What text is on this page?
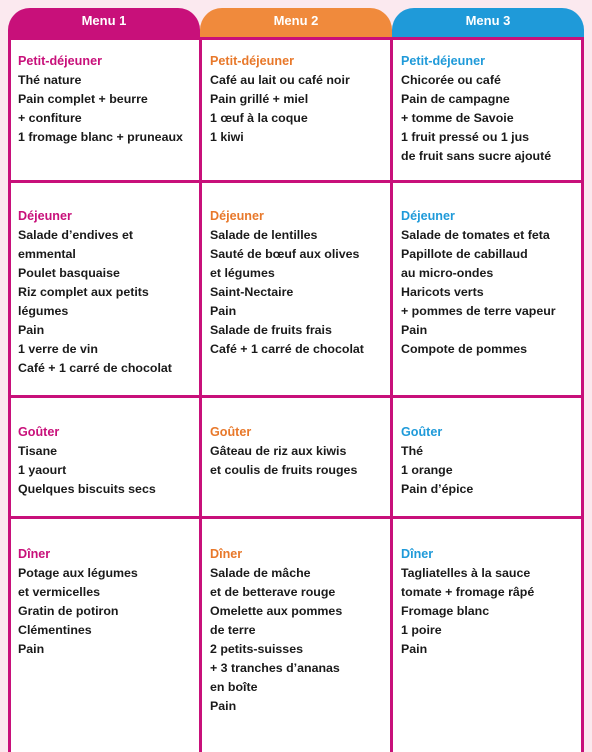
Menu 1	Menu 2	Menu 3
Petit-déjeuner
Thé nature
Pain complet + beurre
+ confiture
1 fromage blanc + pruneaux
Petit-déjeuner
Café au lait ou café noir
Pain grillé + miel
1 œuf à la coque
1 kiwi
Petit-déjeuner
Chicorée ou café
Pain de campagne
+ tomme de Savoie
1 fruit pressé ou 1 jus
de fruit sans sucre ajouté
Déjeuner
Salade d’endives et
emmental
Poulet basquaise
Riz complet aux petits
légumes
Pain
1 verre de vin
Café + 1 carré de chocolat
Déjeuner
Salade de lentilles
Sauté de bœuf aux olives
et légumes
Saint-Nectaire
Pain
Salade de fruits frais
Café + 1 carré de chocolat
Déjeuner
Salade de tomates et feta
Papillote de cabillaud
au micro-ondes
Haricots verts
+ pommes de terre vapeur
Pain
Compote de pommes
Goûter
Tisane
1 yaourt
Quelques biscuits secs
Goûter
Gâteau de riz aux kiwis
et coulis de fruits rouges
Goûter
Thé
1 orange
Pain d’épice
Dîner
Potage aux légumes
et vermicelles
Gratin de potiron
Clémentines
Pain
Dîner
Salade de mâche
et de betterave rouge
Omelette aux pommes
de terre
2 petits-suisses
+ 3 tranches d’ananas
en boîte
Pain
Dîner
Tagliatelles à la sauce
tomate + fromage râpé
Fromage blanc
1 poire
Pain
